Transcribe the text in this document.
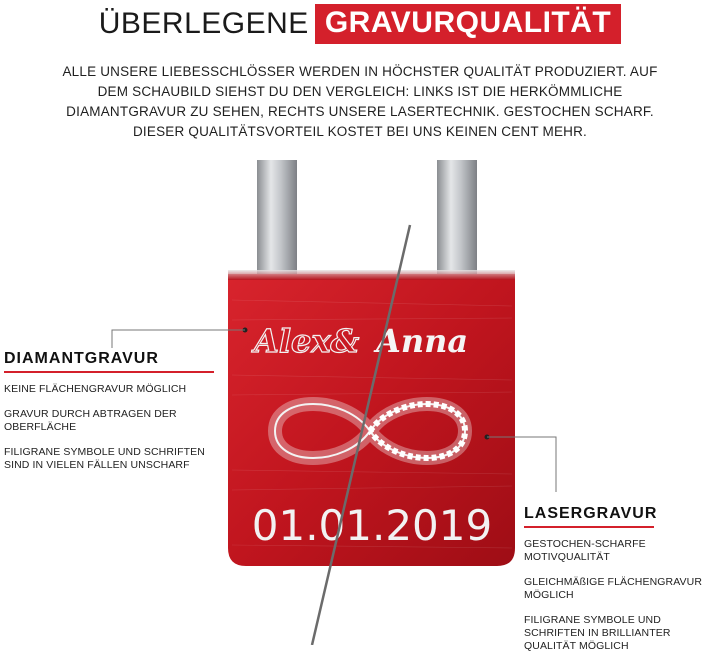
ÜBERLEGENE GRAVURQUALITÄT
ALLE UNSERE LIEBESSCHLÖSSER WERDEN IN HÖCHSTER QUALITÄT PRODUZIERT. AUF
DEM SCHAUBILD SIEHST DU DEN VERGLEICH: LINKS IST DIE HERKÖMMLICHE
DIAMANTGRAVUR ZU SEHEN, RECHTS UNSERE LASERTECHNIK. GESTOCHEN SCHARF.
DIESER QUALITÄTSVORTEIL KOSTET BEI UNS KEINEN CENT MEHR.
Alex& Anna
01.01.2019
DIAMANTGRAVUR
KEINE FLÄCHENGRAVUR MÖGLICH
GRAVUR DURCH ABTRAGEN DER OBERFLÄCHE
FILIGRANE SYMBOLE UND SCHRIFTEN SIND IN VIELEN FÄLLEN UNSCHARF
LASERGRAVUR
GESTOCHEN-SCHARFE MOTIVQUALITÄT
GLEICHMÄßIGE FLÄCHENGRAVUR MÖGLICH
FILIGRANE SYMBOLE UND SCHRIFTEN IN BRILLIANTER QUALITÄT MÖGLICH
